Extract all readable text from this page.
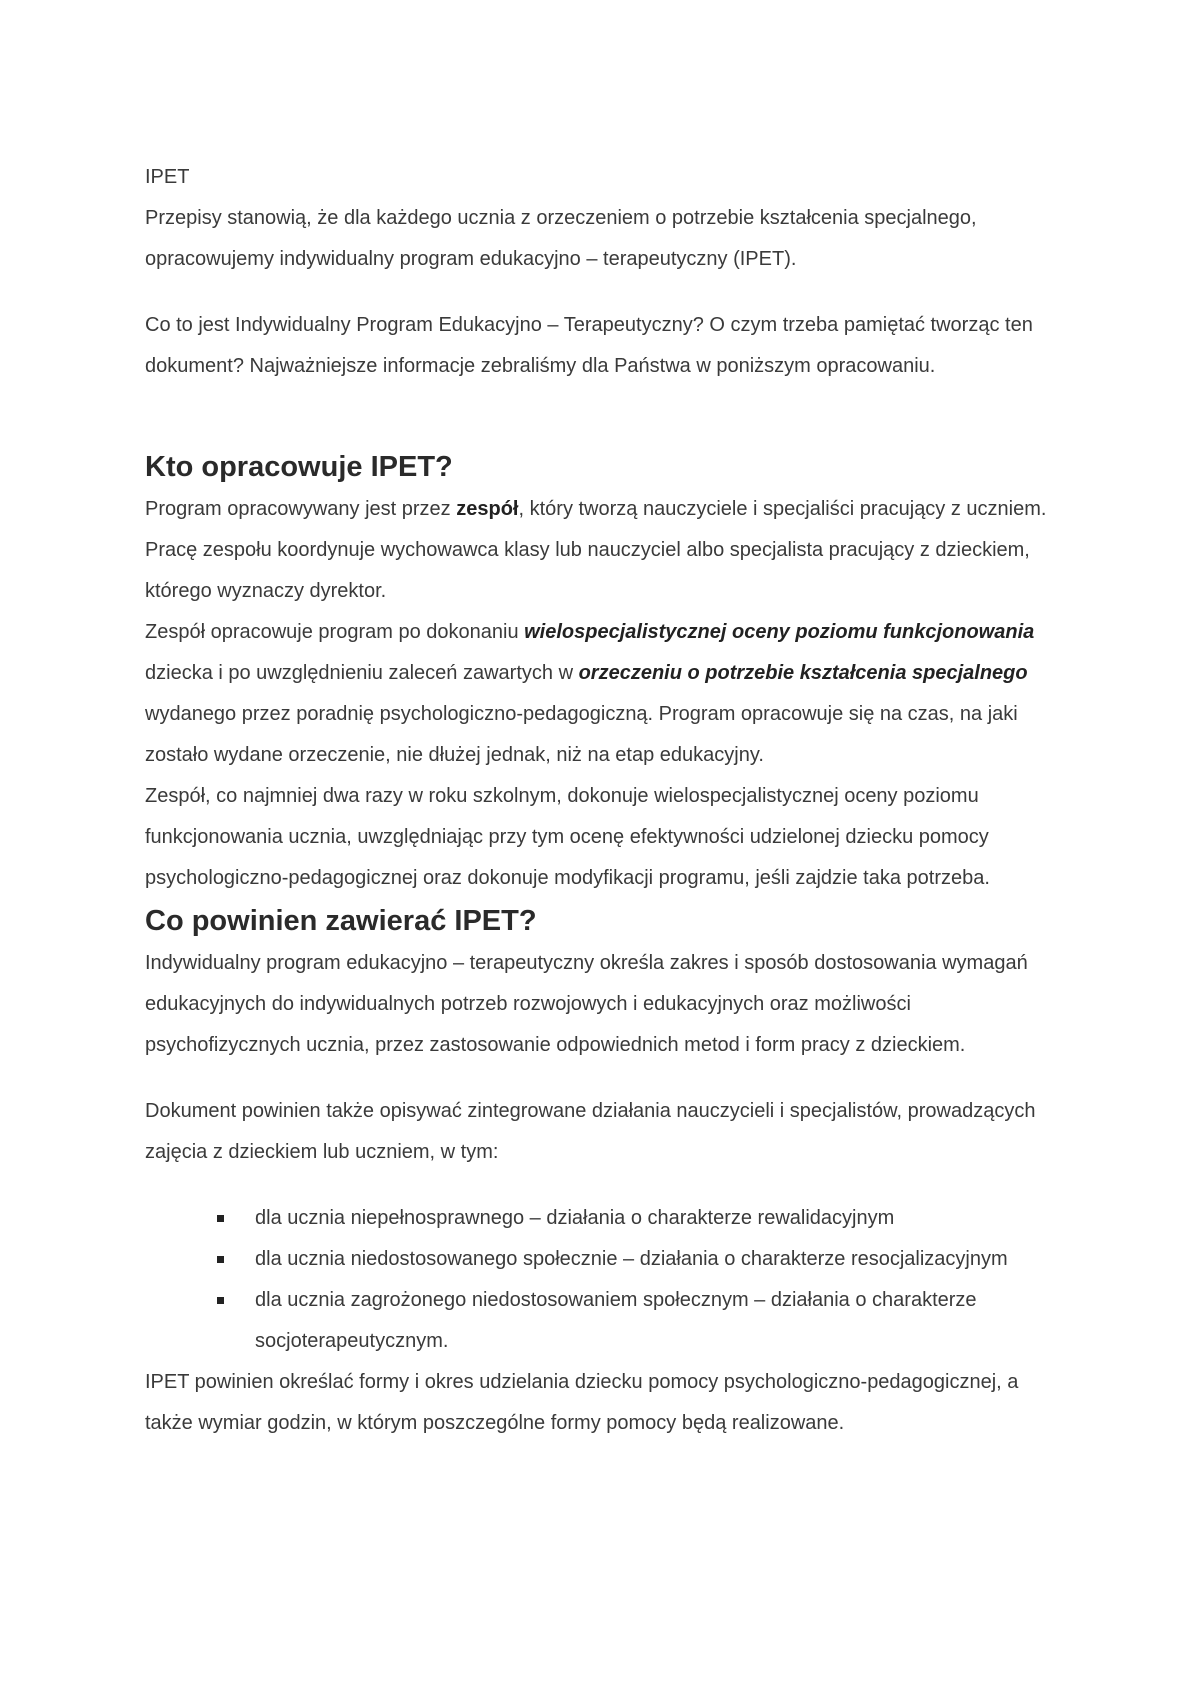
IPET

Przepisy stanowią, że dla każdego ucznia z orzeczeniem o potrzebie kształcenia specjalnego, opracowujemy indywidualny program edukacyjno – terapeutyczny (IPET).

Co to jest Indywidualny Program Edukacyjno – Terapeutyczny? O czym trzeba pamiętać tworząc ten dokument? Najważniejsze informacje zebraliśmy dla Państwa w poniższym opracowaniu.

Kto opracowuje IPET?

Program opracowywany jest przez zespół, który tworzą nauczyciele i specjaliści pracujący z uczniem. Pracę zespołu koordynuje wychowawca klasy lub nauczyciel albo specjalista pracujący z dzieckiem, którego wyznaczy dyrektor.

Zespół opracowuje program po dokonaniu wielospecjalistycznej oceny poziomu funkcjonowania dziecka i po uwzględnieniu zaleceń zawartych w orzeczeniu o potrzebie kształcenia specjalnego wydanego przez poradnię psychologiczno-pedagogiczną. Program opracowuje się na czas, na jaki zostało wydane orzeczenie, nie dłużej jednak, niż na etap edukacyjny.

Zespół, co najmniej dwa razy w roku szkolnym, dokonuje wielospecjalistycznej oceny poziomu funkcjonowania ucznia, uwzględniając przy tym ocenę efektywności udzielonej dziecku pomocy psychologiczno-pedagogicznej oraz dokonuje modyfikacji programu, jeśli zajdzie taka potrzeba.

Co powinien zawierać IPET?

Indywidualny program edukacyjno – terapeutyczny określa zakres i sposób dostosowania wymagań edukacyjnych do indywidualnych potrzeb rozwojowych i edukacyjnych oraz możliwości psychofizycznych ucznia, przez zastosowanie odpowiednich metod i form pracy z dzieckiem.

Dokument powinien także opisywać zintegrowane działania nauczycieli i specjalistów, prowadzących zajęcia z dzieckiem lub uczniem, w tym:

dla ucznia niepełnosprawnego – działania o charakterze rewalidacyjnym
dla ucznia niedostosowanego społecznie – działania o charakterze resocjalizacyjnym
dla ucznia zagrożonego niedostosowaniem społecznym – działania o charakterze socjoterapeutycznym.

IPET powinien określać formy i okres udzielania dziecku pomocy psychologiczno-pedagogicznej, a także wymiar godzin, w którym poszczególne formy pomocy będą realizowane.
